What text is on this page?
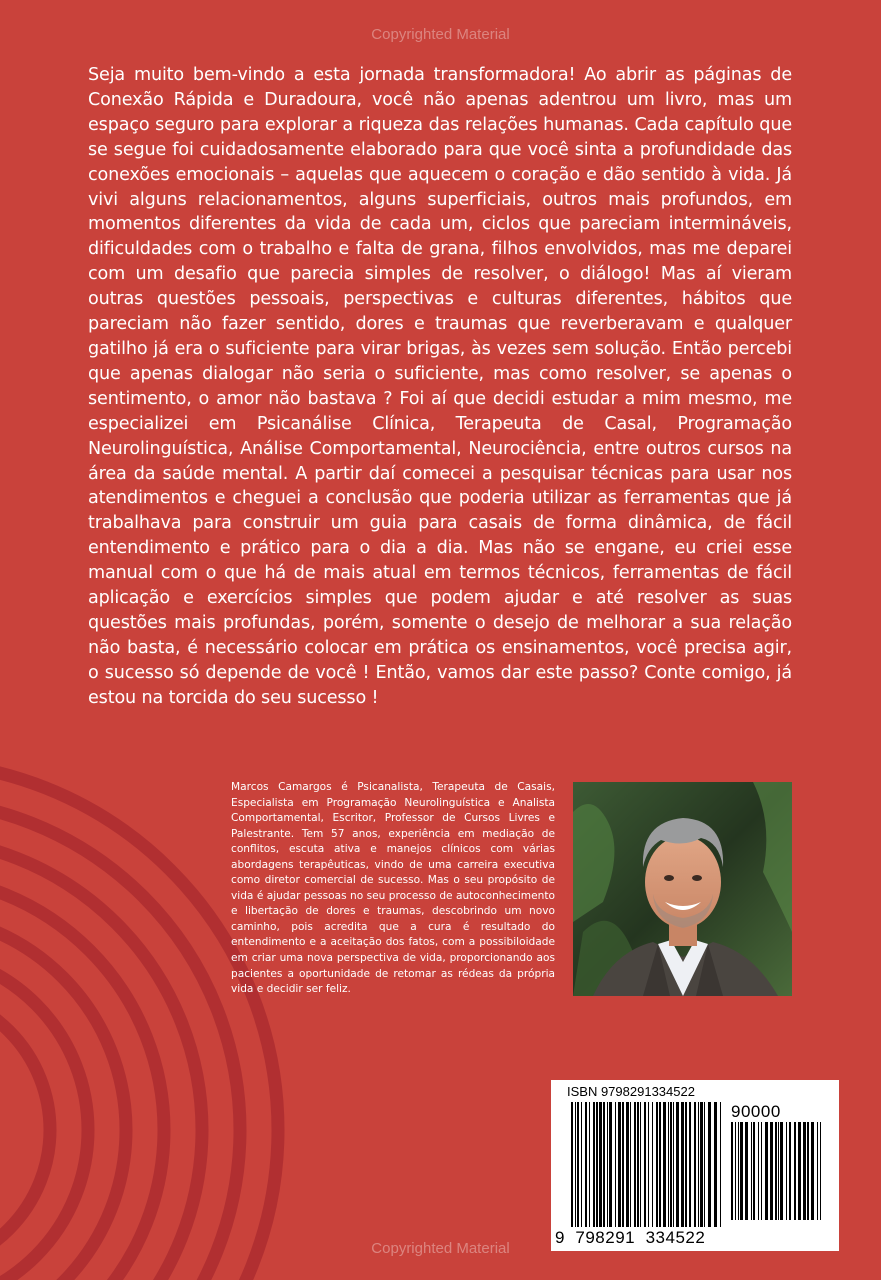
Copyrighted Material
Seja muito bem-vindo a esta jornada transformadora! Ao abrir as páginas de Conexão Rápida e Duradoura, você não apenas adentrou um livro, mas um espaço seguro para explorar a riqueza das relações humanas. Cada capítulo que se segue foi cuidadosamente elaborado para que você sinta a profundidade das conexões emocionais – aquelas que aquecem o coração e dão sentido à vida. Já vivi alguns relacionamentos, alguns superficiais, outros mais profundos, em momentos diferentes da vida de cada um, ciclos que pareciam intermináveis, dificuldades com o trabalho e falta de grana, filhos envolvidos, mas me deparei com um desafio que parecia simples de resolver, o diálogo! Mas aí vieram outras questões pessoais, perspectivas e culturas diferentes, hábitos que pareciam não fazer sentido, dores e traumas que reverberavam e qualquer gatilho já era o suficiente para virar brigas, às vezes sem solução. Então percebi que apenas dialogar não seria o suficiente, mas como resolver, se apenas o sentimento, o amor não bastava ? Foi aí que decidi estudar a mim mesmo, me especializei em Psicanálise Clínica, Terapeuta de Casal, Programação Neurolinguística, Análise Comportamental, Neurociência, entre outros cursos na área da saúde mental. A partir daí comecei a pesquisar técnicas para usar nos atendimentos e cheguei a conclusão que poderia utilizar as ferramentas que já trabalhava para construir um guia para casais de forma dinâmica, de fácil entendimento e prático para o dia a dia. Mas não se engane, eu criei esse manual com o que há de mais atual em termos técnicos, ferramentas de fácil aplicação e exercícios simples que podem ajudar e até resolver as suas questões mais profundas, porém, somente o desejo de melhorar a sua relação não basta, é necessário colocar em prática os ensinamentos, você precisa agir, o sucesso só depende de você ! Então, vamos dar este passo? Conte comigo, já estou na torcida do seu sucesso !
Marcos Camargos é Psicanalista, Terapeuta de Casais, Especialista em Programação Neurolinguística e Analista Comportamental, Escritor, Professor de Cursos Livres e Palestrante. Tem 57 anos, experiência em mediação de conflitos, escuta ativa e manejos clínicos com várias abordagens terapêuticas, vindo de uma carreira executiva como diretor comercial de sucesso. Mas o seu propósito de vida é ajudar pessoas no seu processo de autoconhecimento e libertação de dores e traumas, descobrindo um novo caminho, pois acredita que a cura é resultado do entendimento e a aceitação dos fatos, com a possibiloidade em criar uma nova perspectiva de vida, proporcionando aos pacientes a oportunidade de retomar as rédeas da própria vida e decidir ser feliz.
ISBN 9798291334522
90000
9  798291  334522
Copyrighted Material
